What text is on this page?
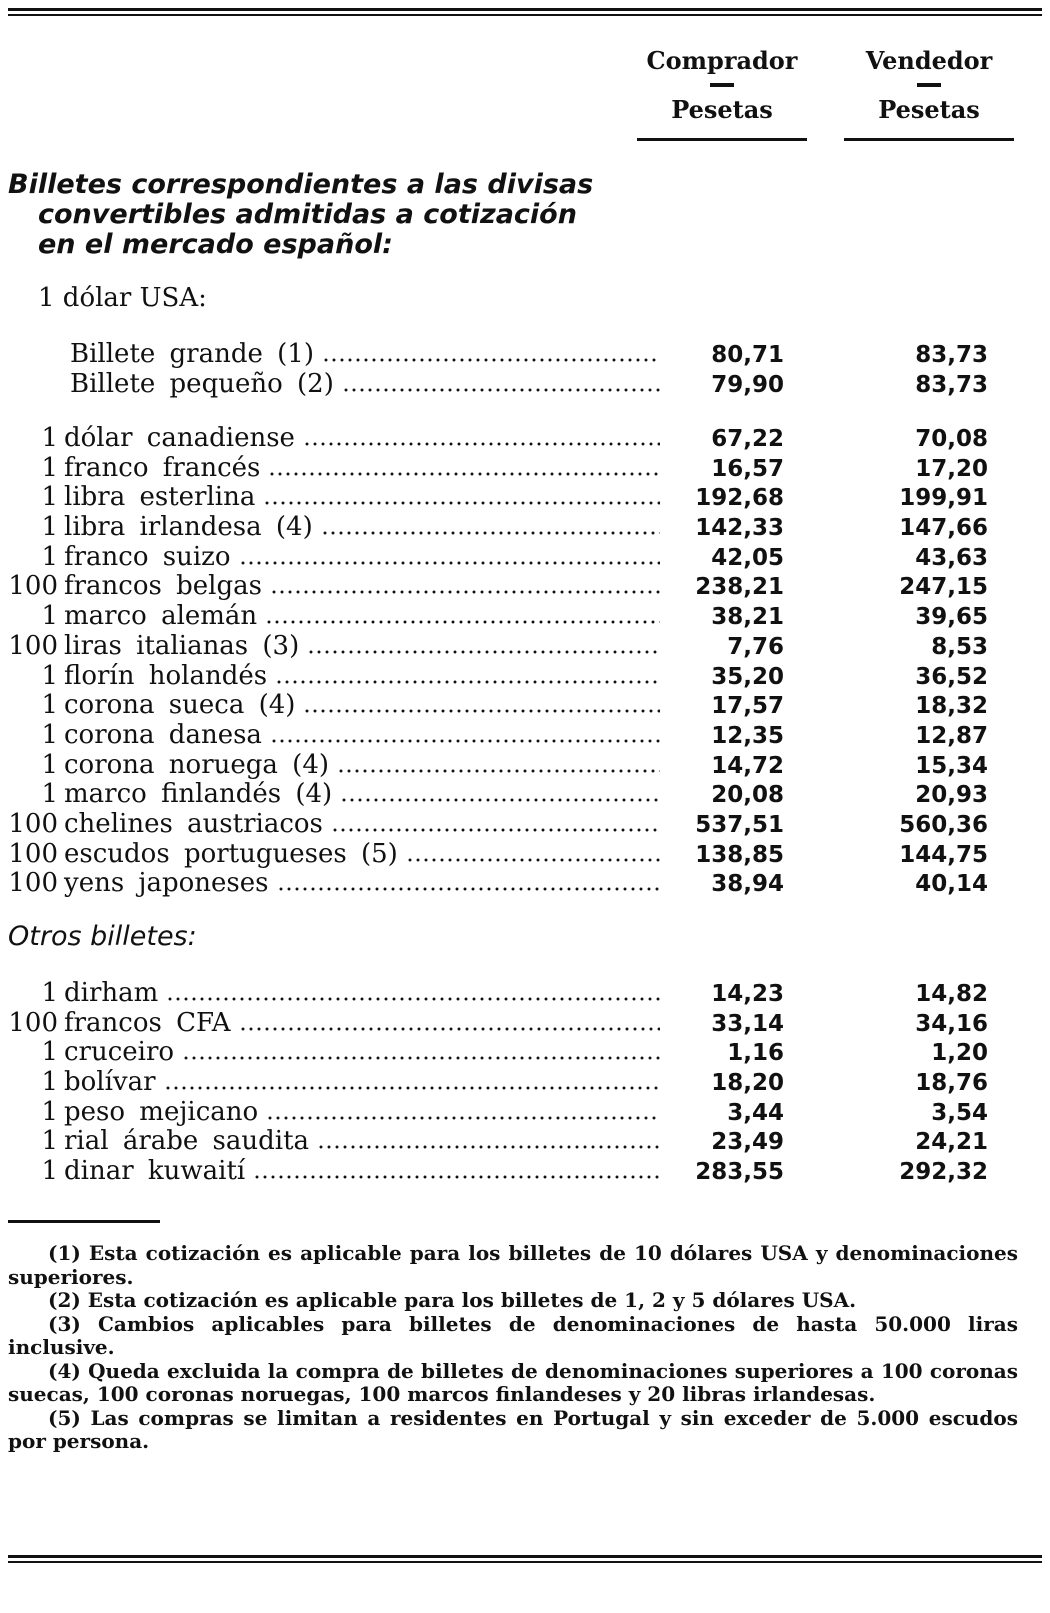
Comprador
Pesetas
Vendedor
Pesetas
Billetes correspondientes a las divisas
convertibles admitidas a cotización
en el mercado español:
1 dólar USA:
Billete grande (1)	80,71	83,73
Billete pequeño (2)	79,90	83,73
1 dólar canadiense	67,22	70,08
1 franco francés	16,57	17,20
1 libra esterlina	192,68	199,91
1 libra irlandesa (4)	142,33	147,66
1 franco suizo	42,05	43,63
100 francos belgas	238,21	247,15
1 marco alemán	38,21	39,65
100 liras italianas (3)	7,76	8,53
1 florín holandés	35,20	36,52
1 corona sueca (4)	17,57	18,32
1 corona danesa	12,35	12,87
1 corona noruega (4)	14,72	15,34
1 marco finlandés (4)	20,08	20,93
100 chelines austriacos	537,51	560,36
100 escudos portugueses (5)	138,85	144,75
100 yens japoneses	38,94	40,14
Otros billetes:
1 dirham	14,23	14,82
100 francos CFA	33,14	34,16
1 cruceiro	1,16	1,20
1 bolívar	18,20	18,76
1 peso mejicano	3,44	3,54
1 rial árabe saudita	23,49	24,21
1 dinar kuwaití	283,55	292,32

(1) Esta cotización es aplicable para los billetes de 10 dólares USA y denominaciones superiores.

(2) Esta cotización es aplicable para los billetes de 1, 2 y 5 dólares USA.

(3) Cambios aplicables para billetes de denominaciones de hasta 50.000 liras inclusive.

(4) Queda excluida la compra de billetes de denominaciones superiores a 100 coronas suecas, 100 coronas noruegas, 100 marcos finlandeses y 20 libras irlandesas.

(5) Las compras se limitan a residentes en Portugal y sin exceder de 5.000 escudos por persona.
